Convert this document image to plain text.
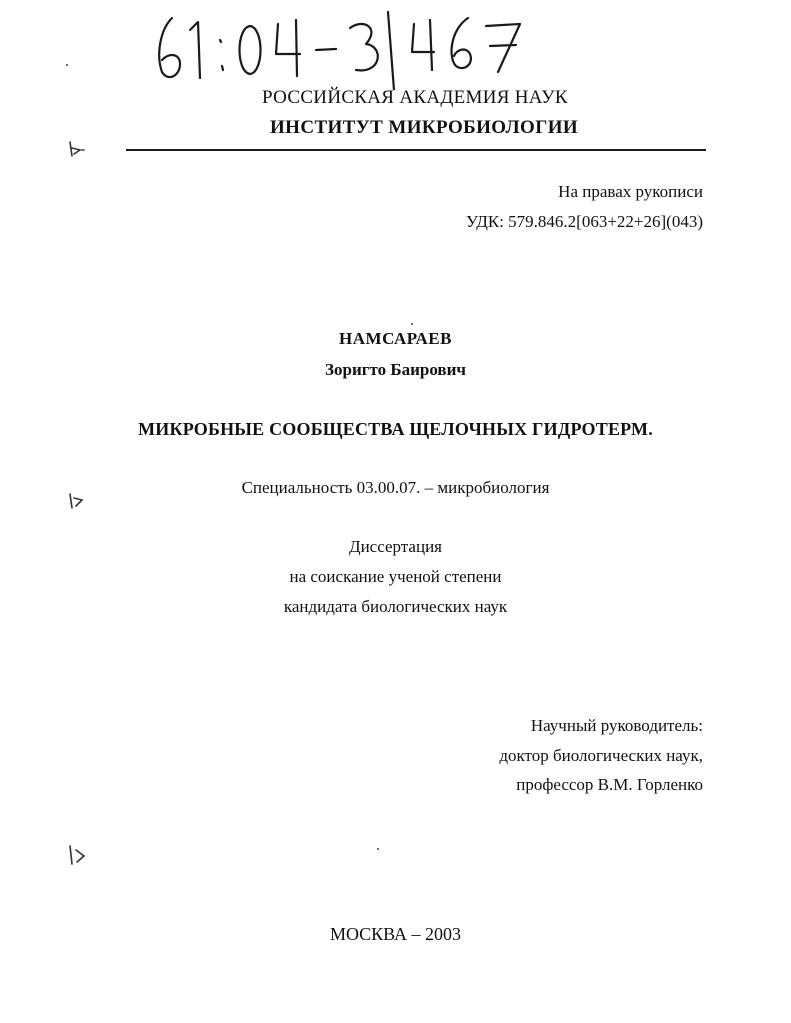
РОССИЙСКАЯ АКАДЕМИЯ НАУК
ИНСТИТУТ МИКРОБИОЛОГИИ
На правах рукописи
УДК: 579.846.2[063+22+26](043)
НАМСАРАЕВ
Зоригто Баирович
МИКРОБНЫЕ СООБЩЕСТВА ЩЕЛОЧНЫХ ГИДРОТЕРМ.
Специальность 03.00.07. – микробиология
Диссертация
на соискание ученой степени
кандидата биологических наук
Научный руководитель:
доктор биологических наук,
профессор В.М. Горленко
МОСКВА – 2003
